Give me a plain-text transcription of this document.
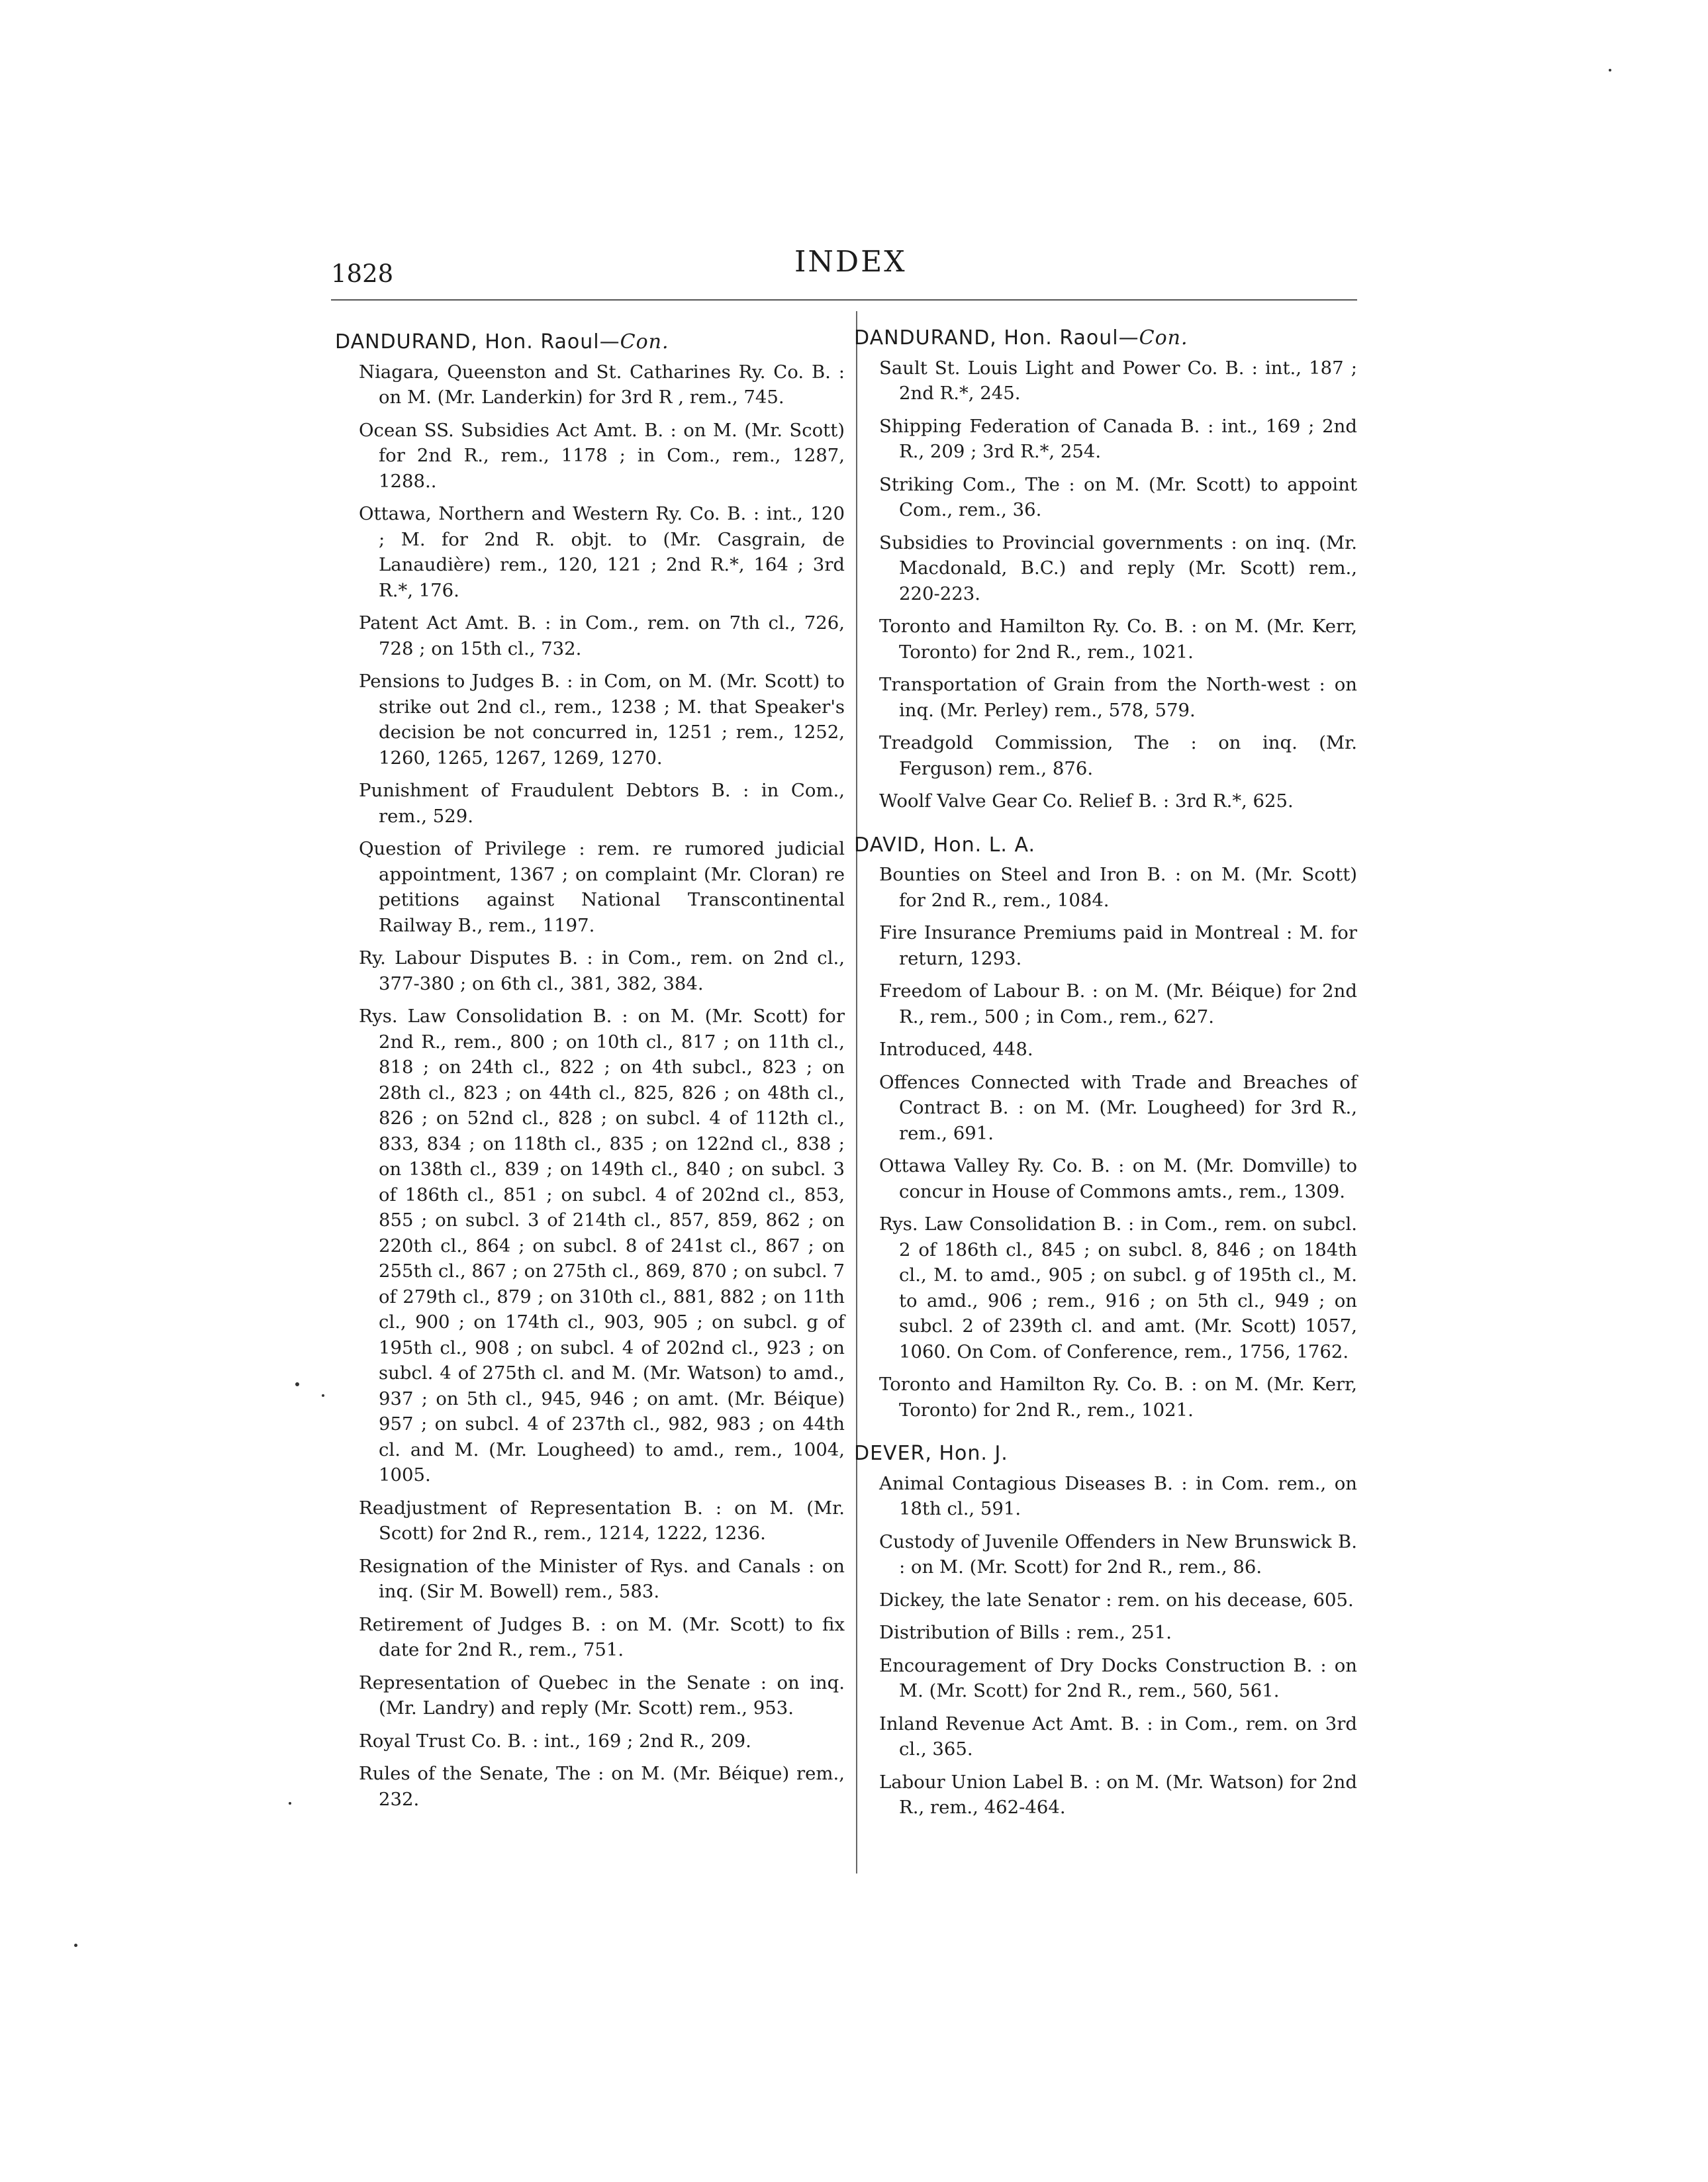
1828	INDEX
DANDURAND, Hon. Raoul—Con.

Niagara, Queenston and St. Catharines Ry. Co. B. : on M. (Mr. Landerkin) for 3rd R , rem., 745.

Ocean SS. Subsidies Act Amt. B. : on M. (Mr. Scott) for 2nd R., rem., 1178 ; in Com., rem., 1287, 1288..

Ottawa, Northern and Western Ry. Co. B. : int., 120 ; M. for 2nd R. objt. to (Mr. Casgrain, de Lanaudière) rem., 120, 121 ; 2nd R.*, 164 ; 3rd R.*, 176.

Patent Act Amt. B. : in Com., rem. on 7th cl., 726, 728 ; on 15th cl., 732.

Pensions to Judges B. : in Com, on M. (Mr. Scott) to strike out 2nd cl., rem., 1238 ; M. that Speaker's decision be not concurred in, 1251 ; rem., 1252, 1260, 1265, 1267, 1269, 1270.

Punishment of Fraudulent Debtors B. : in Com., rem., 529.

Question of Privilege : rem. re rumored judicial appointment, 1367 ; on complaint (Mr. Cloran) re petitions against National Transcontinental Railway B., rem., 1197.

Ry. Labour Disputes B. : in Com., rem. on 2nd cl., 377-380 ; on 6th cl., 381, 382, 384.

Rys. Law Consolidation B. : on M. (Mr. Scott) for 2nd R., rem., 800 ; on 10th cl., 817 ; on 11th cl., 818 ; on 24th cl., 822 ; on 4th subcl., 823 ; on 28th cl., 823 ; on 44th cl., 825, 826 ; on 48th cl., 826 ; on 52nd cl., 828 ; on subcl. 4 of 112th cl., 833, 834 ; on 118th cl., 835 ; on 122nd cl., 838 ; on 138th cl., 839 ; on 149th cl., 840 ; on subcl. 3 of 186th cl., 851 ; on subcl. 4 of 202nd cl., 853, 855 ; on subcl. 3 of 214th cl., 857, 859, 862 ; on 220th cl., 864 ; on subcl. 8 of 241st cl., 867 ; on 255th cl., 867 ; on 275th cl., 869, 870 ; on subcl. 7 of 279th cl., 879 ; on 310th cl., 881, 882 ; on 11th cl., 900 ; on 174th cl., 903, 905 ; on subcl. g of 195th cl., 908 ; on subcl. 4 of 202nd cl., 923 ; on subcl. 4 of 275th cl. and M. (Mr. Watson) to amd., 937 ; on 5th cl., 945, 946 ; on amt. (Mr. Béique) 957 ; on subcl. 4 of 237th cl., 982, 983 ; on 44th cl. and M. (Mr. Lougheed) to amd., rem., 1004, 1005.

Readjustment of Representation B. : on M. (Mr. Scott) for 2nd R., rem., 1214, 1222, 1236.

Resignation of the Minister of Rys. and Canals : on inq. (Sir M. Bowell) rem., 583.

Retirement of Judges B. : on M. (Mr. Scott) to fix date for 2nd R., rem., 751.

Representation of Quebec in the Senate : on inq. (Mr. Landry) and reply (Mr. Scott) rem., 953.

Royal Trust Co. B. : int., 169 ; 2nd R., 209.

Rules of the Senate, The : on M. (Mr. Béique) rem., 232.

DANDURAND, Hon. Raoul—Con.

Sault St. Louis Light and Power Co. B. : int., 187 ; 2nd R.*, 245.

Shipping Federation of Canada B. : int., 169 ; 2nd R., 209 ; 3rd R.*, 254.

Striking Com., The : on M. (Mr. Scott) to appoint Com., rem., 36.

Subsidies to Provincial governments : on inq. (Mr. Macdonald, B.C.) and reply (Mr. Scott) rem., 220-223.

Toronto and Hamilton Ry. Co. B. : on M. (Mr. Kerr, Toronto) for 2nd R., rem., 1021.

Transportation of Grain from the North-west : on inq. (Mr. Perley) rem., 578, 579.

Treadgold Commission, The : on inq. (Mr. Ferguson) rem., 876.

Woolf Valve Gear Co. Relief B. : 3rd R.*, 625.

DAVID, Hon. L. A.

Bounties on Steel and Iron B. : on M. (Mr. Scott) for 2nd R., rem., 1084.

Fire Insurance Premiums paid in Montreal : M. for return, 1293.

Freedom of Labour B. : on M. (Mr. Béique) for 2nd R., rem., 500 ; in Com., rem., 627.

Introduced, 448.

Offences Connected with Trade and Breaches of Contract B. : on M. (Mr. Lougheed) for 3rd R., rem., 691.

Ottawa Valley Ry. Co. B. : on M. (Mr. Domville) to concur in House of Commons amts., rem., 1309.

Rys. Law Consolidation B. : in Com., rem. on subcl. 2 of 186th cl., 845 ; on subcl. 8, 846 ; on 184th cl., M. to amd., 905 ; on subcl. g of 195th cl., M. to amd., 906 ; rem., 916 ; on 5th cl., 949 ; on subcl. 2 of 239th cl. and amt. (Mr. Scott) 1057, 1060. On Com. of Conference, rem., 1756, 1762.

Toronto and Hamilton Ry. Co. B. : on M. (Mr. Kerr, Toronto) for 2nd R., rem., 1021.

DEVER, Hon. J.

Animal Contagious Diseases B. : in Com. rem., on 18th cl., 591.

Custody of Juvenile Offenders in New Brunswick B. : on M. (Mr. Scott) for 2nd R., rem., 86.

Dickey, the late Senator : rem. on his decease, 605.

Distribution of Bills : rem., 251.

Encouragement of Dry Docks Construction B. : on M. (Mr. Scott) for 2nd R., rem., 560, 561.

Inland Revenue Act Amt. B. : in Com., rem. on 3rd cl., 365.

Labour Union Label B. : on M. (Mr. Watson) for 2nd R., rem., 462-464.
